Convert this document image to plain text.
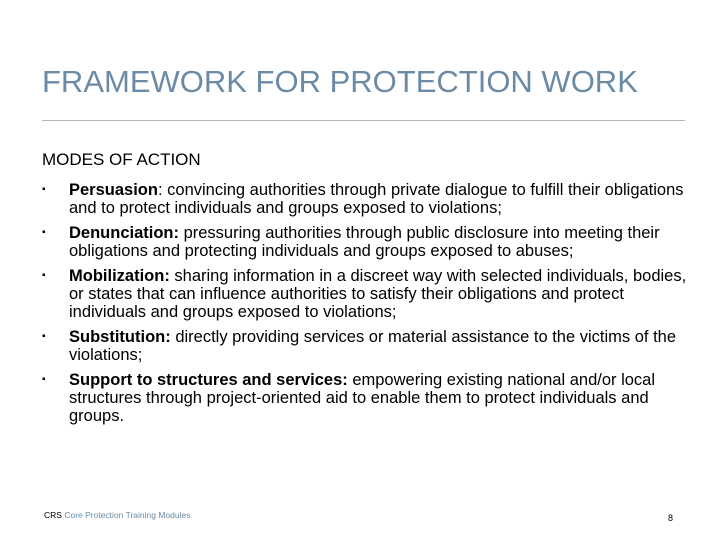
FRAMEWORK FOR PROTECTION WORK
MODES OF ACTION
▪ Persuasion: convincing authorities through private dialogue to fulfill their obligations and to protect individuals and groups exposed to violations;
▪ Denunciation: pressuring authorities through public disclosure into meeting their obligations and protecting individuals and groups exposed to abuses;
▪ Mobilization: sharing information in a discreet way with selected individuals, bodies, or states that can influence authorities to satisfy their obligations and protect individuals and groups exposed to violations;
▪ Substitution: directly providing services or material assistance to the victims of the violations;
▪ Support to structures and services: empowering existing national and/or local structures through project-oriented aid to enable them to protect individuals and groups.
CRS Core Protection Training Modules	8
